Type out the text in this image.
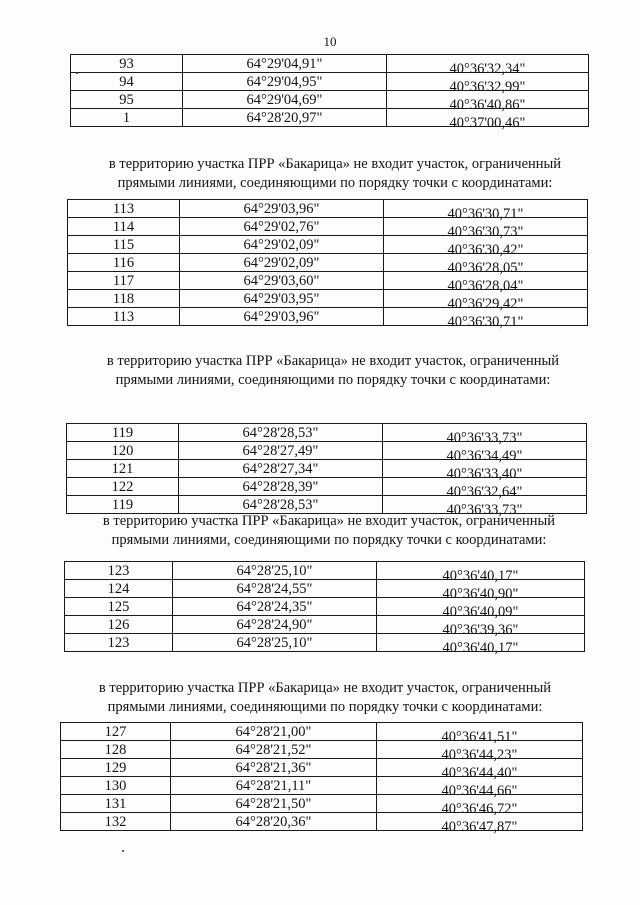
10
93	64°29'04,91"	40°36'32,34"
94	64°29'04,95"	40°36'32,99"
95	64°29'04,69"	40°36'40,86"
1	64°28'20,97"	40°37'00,46"

в территорию участка ПРР «Бакарица» не входит участок, ограниченный
прямыми линиями, соединяющими по порядку точки с координатами:

113	64°29'03,96"	40°36'30,71"
114	64°29'02,76"	40°36'30,73"
115	64°29'02,09"	40°36'30,42"
116	64°29'02,09"	40°36'28,05"
117	64°29'03,60"	40°36'28,04"
118	64°29'03,95"	40°36'29,42"
113	64°29'03,96"	40°36'30,71"

в территорию участка ПРР «Бакарица» не входит участок, ограниченный
прямыми линиями, соединяющими по порядку точки с координатами:

119	64°28'28,53"	40°36'33,73"
120	64°28'27,49"	40°36'34,49"
121	64°28'27,34"	40°36'33,40"
122	64°28'28,39"	40°36'32,64"
119	64°28'28,53"	40°36'33,73"

в территорию участка ПРР «Бакарица» не входит участок, ограниченный
прямыми линиями, соединяющими по порядку точки с координатами:

123	64°28'25,10"	40°36'40,17"
124	64°28'24,55"	40°36'40,90"
125	64°28'24,35"	40°36'40,09"
126	64°28'24,90"	40°36'39,36"
123	64°28'25,10"	40°36'40,17"

в территорию участка ПРР «Бакарица» не входит участок, ограниченный
прямыми линиями, соединяющими по порядку точки с координатами:

127	64°28'21,00"	40°36'41,51"
128	64°28'21,52"	40°36'44,23"
129	64°28'21,36"	40°36'44,40"
130	64°28'21,11"	40°36'44,66"
131	64°28'21,50"	40°36'46,72"
132	64°28'20,36"	40°36'47,87"
